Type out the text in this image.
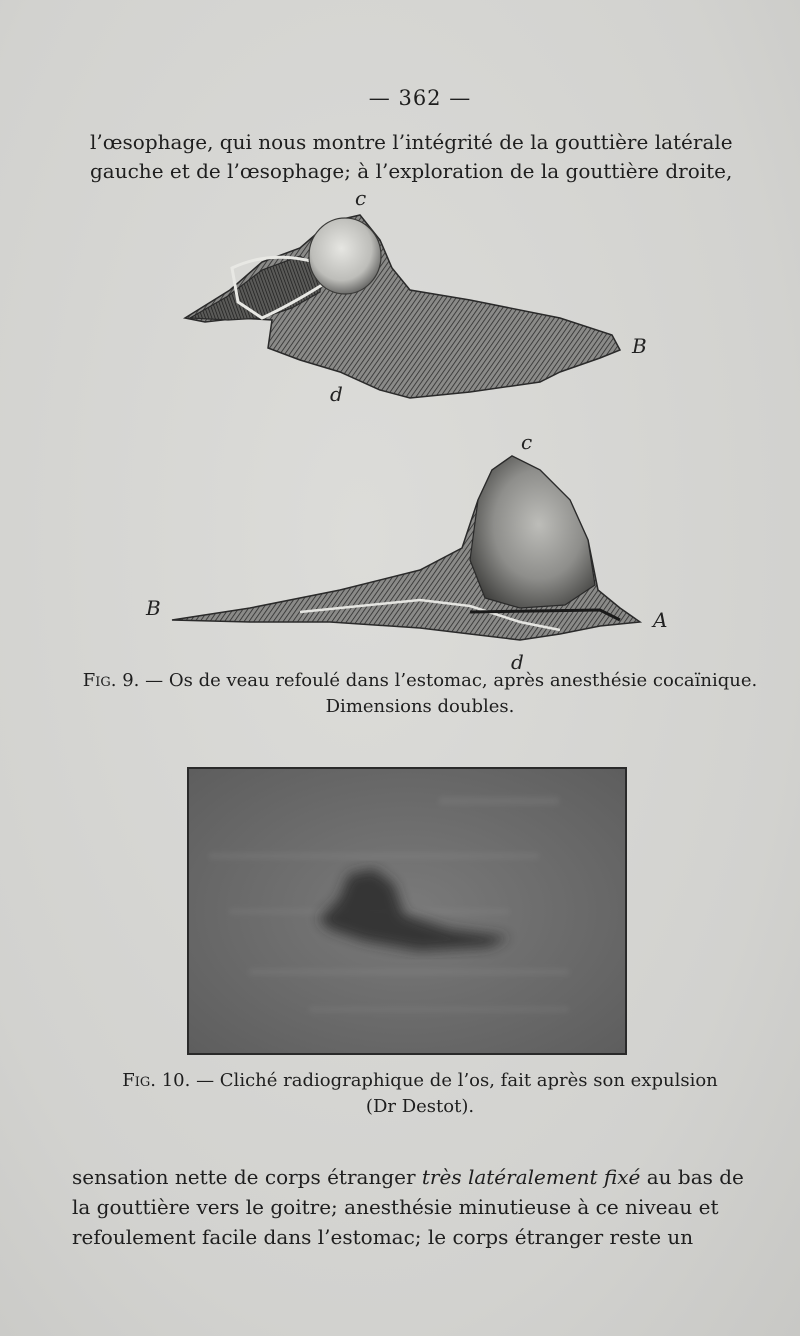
— 362 —
l’œsophage, qui nous montre l’intégrité de la gouttière latérale
gauche et de l’œsophage; à l’exploration de la gouttière droite,
c
B
d
c
B	A
d
Fig. 9. — Os de veau refoulé dans l’estomac, après anesthésie cocaïnique.
Dimensions doubles.
Fig. 10. — Cliché radiographique de l’os, fait après son expulsion
(Dr Destot).
sensation nette de corps étranger très latéralement fixé au bas de
la gouttière vers le goitre; anesthésie minutieuse à ce niveau et
refoulement facile dans l’estomac; le corps étranger reste un
